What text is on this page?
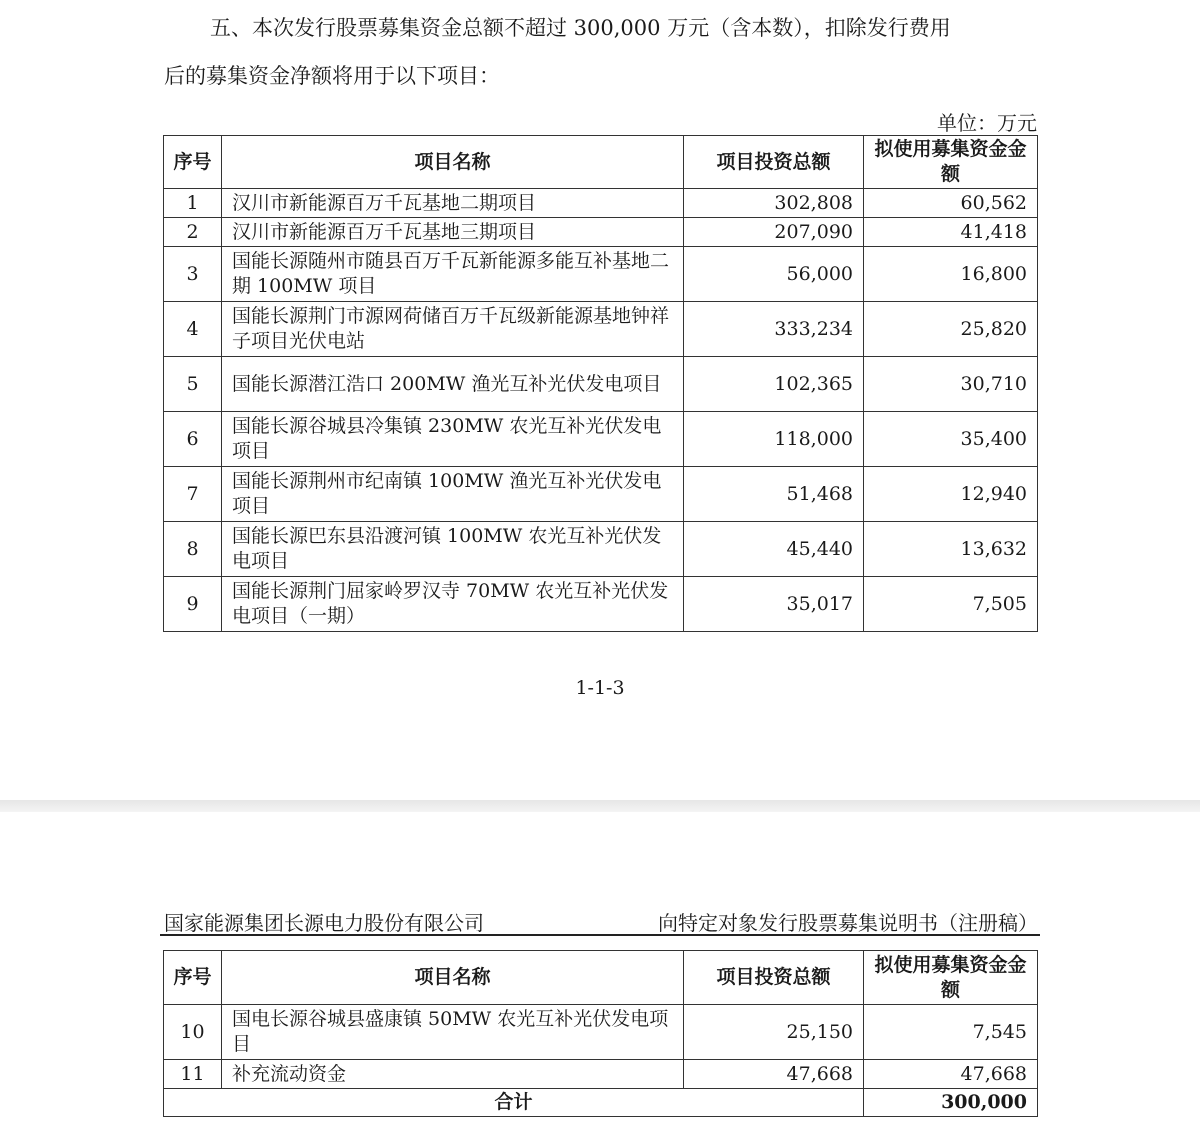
五、本次发行股票募集资金总额不超过 300,000 万元（含本数），扣除发行费用

后的募集资金净额将用于以下项目：

单位：万元
序号	项目名称	项目投资总额	拟使用募集资金金额
1	汉川市新能源百万千瓦基地二期项目	302,808	60,562
2	汉川市新能源百万千瓦基地三期项目	207,090	41,418
3	国能长源随州市随县百万千瓦新能源多能互补基地二期 100MW 项目	56,000	16,800
4	国能长源荆门市源网荷储百万千瓦级新能源基地钟祥子项目光伏电站	333,234	25,820
5	国能长源潜江浩口 200MW 渔光互补光伏发电项目	102,365	30,710
6	国能长源谷城县冷集镇 230MW 农光互补光伏发电项目	118,000	35,400
7	国能长源荆州市纪南镇 100MW 渔光互补光伏发电项目	51,468	12,940
8	国能长源巴东县沿渡河镇 100MW 农光互补光伏发电项目	45,440	13,632
9	国能长源荆门屈家岭罗汉寺 70MW 农光互补光伏发电项目（一期）	35,017	7,505
1-1-3
国家能源集团长源电力股份有限公司	向特定对象发行股票募集说明书（注册稿）
序号	项目名称	项目投资总额	拟使用募集资金金额
10	国电长源谷城县盛康镇 50MW 农光互补光伏发电项目	25,150	7,545
11	补充流动资金	47,668	47,668
合计			300,000
